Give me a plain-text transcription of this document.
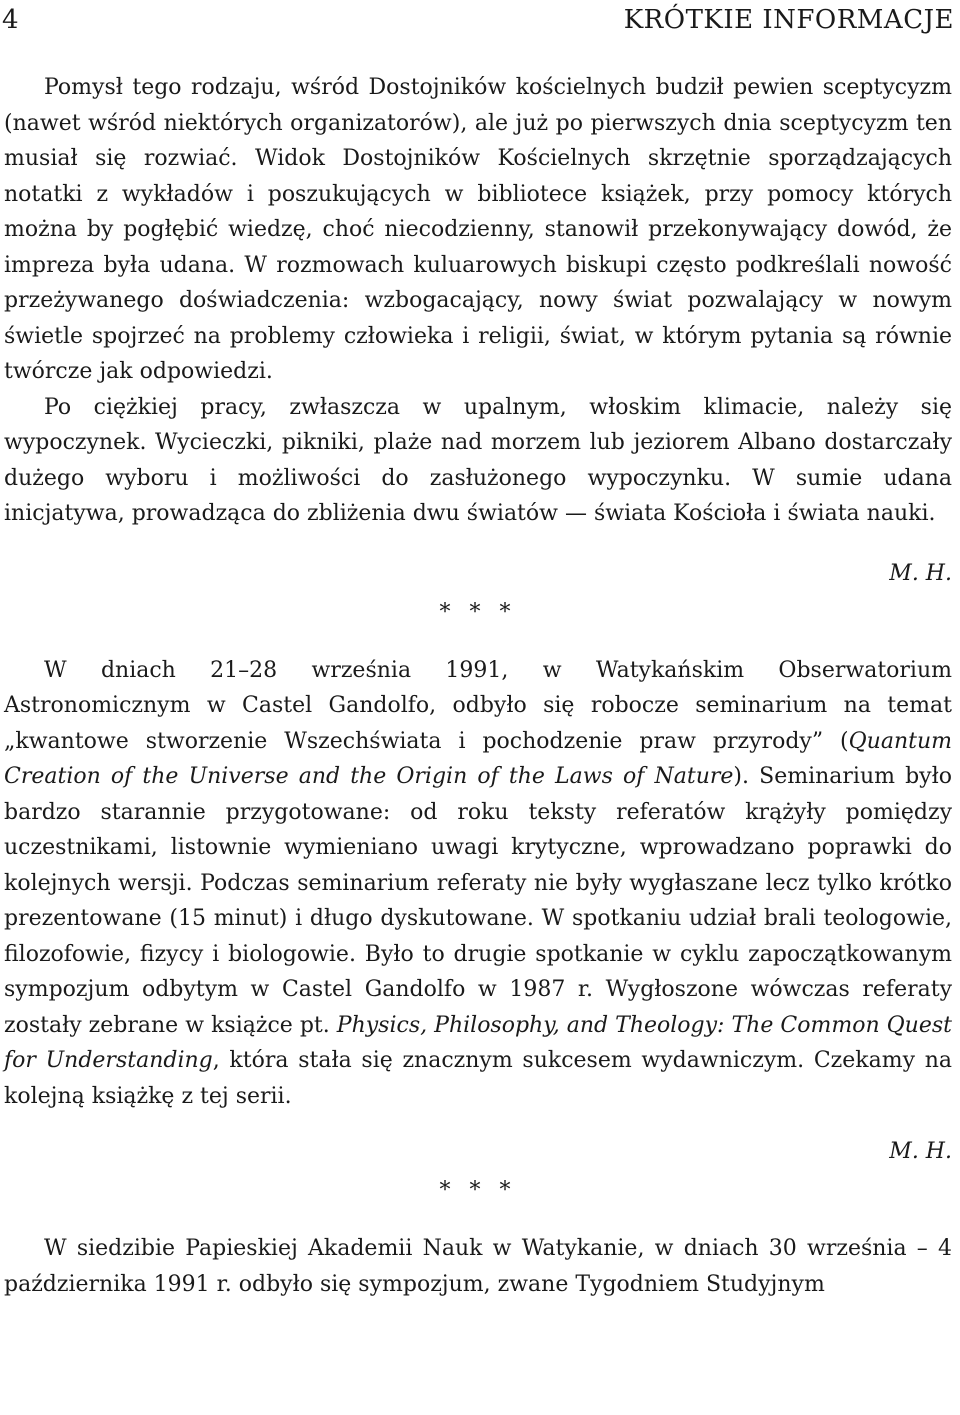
4	KRÓTKIE INFORMACJE

Pomysł tego rodzaju, wśród Dostojników kościelnych budził pewien sceptycyzm (nawet wśród niektórych organizatorów), ale już po pierwszych dnia sceptycyzm ten musiał się rozwiać. Widok Dostojników Kościelnych skrzętnie sporządzających notatki z wykładów i poszukujących w bibliotece książek, przy pomocy których można by pogłębić wiedzę, choć niecodzienny, stanowił przekonywający dowód, że impreza była udana. W rozmowach kuluarowych biskupi często podkreślali nowość przeżywanego doświadczenia: wzbogacający, nowy świat pozwalający w nowym świetle spojrzeć na problemy człowieka i religii, świat, w którym pytania są równie twórcze jak odpowiedzi.

Po ciężkiej pracy, zwłaszcza w upalnym, włoskim klimacie, należy się wypoczynek. Wycieczki, pikniki, plaże nad morzem lub jeziorem Albano dostarczały dużego wyboru i możliwości do zasłużonego wypoczynku. W sumie udana inicjatywa, prowadząca do zbliżenia dwu światów — świata Kościoła i świata nauki.

M. H.

* * *

W dniach 21–28 września 1991, w Watykańskim Obserwatorium Astronomicznym w Castel Gandolfo, odbyło się robocze seminarium na temat „kwantowe stworzenie Wszechświata i pochodzenie praw przyrody” (Quantum Creation of the Universe and the Origin of the Laws of Nature). Seminarium było bardzo starannie przygotowane: od roku teksty referatów krążyły pomiędzy uczestnikami, listownie wymieniano uwagi krytyczne, wprowadzano poprawki do kolejnych wersji. Podczas seminarium referaty nie były wygłaszane lecz tylko krótko prezentowane (15 minut) i długo dyskutowane. W spotkaniu udział brali teologowie, filozofowie, fizycy i biologowie. Było to drugie spotkanie w cyklu zapoczątkowanym sympozjum odbytym w Castel Gandolfo w 1987 r. Wygłoszone wówczas referaty zostały zebrane w książce pt. Physics, Philosophy, and Theology: The Common Quest for Understanding, która stała się znacznym sukcesem wydawniczym. Czekamy na kolejną książkę z tej serii.

M. H.

* * *

W siedzibie Papieskiej Akademii Nauk w Watykanie, w dniach 30 września – 4 października 1991 r. odbyło się sympozjum, zwane Tygodniem Studyjnym
